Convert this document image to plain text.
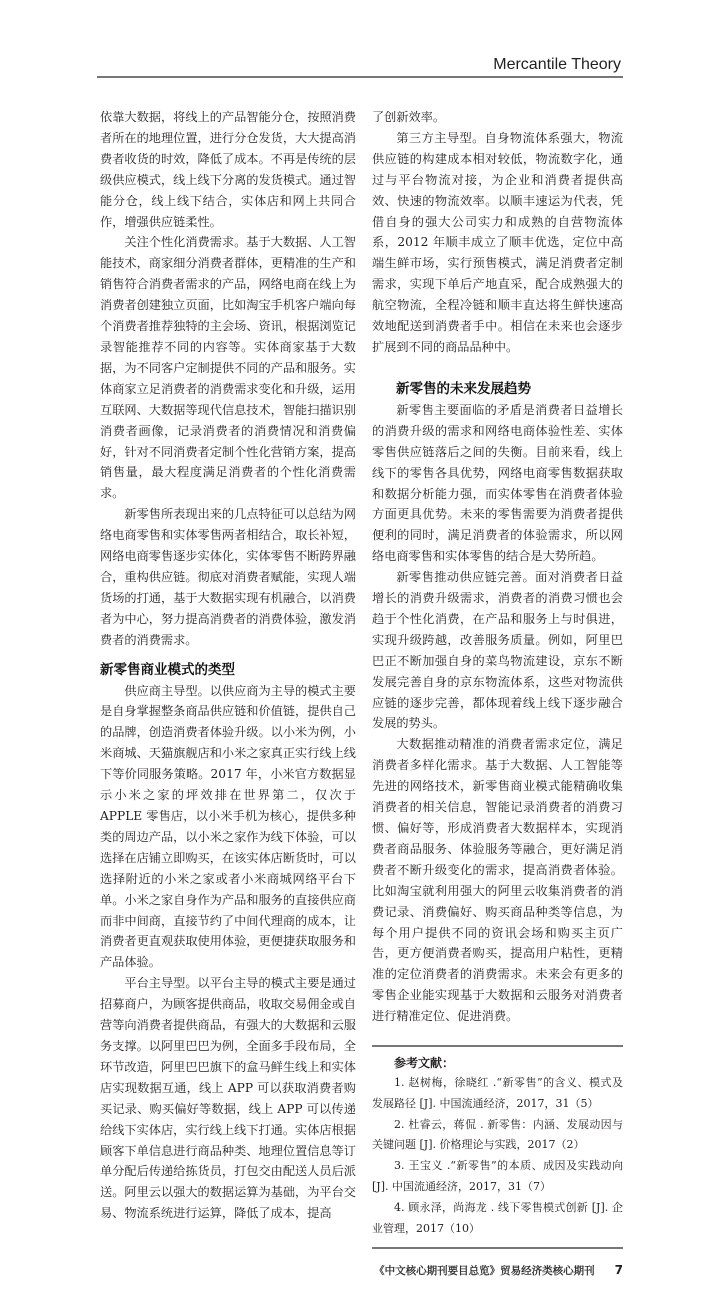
Mercantile Theory

依靠大数据，将线上的产品智能分仓，按照消费者所在的地理位置，进行分仓发货，大大提高消费者收货的时效，降低了成本。不再是传统的层级供应模式，线上线下分离的发货模式。通过智能分仓，线上线下结合，实体店和网上共同合作，增强供应链柔性。

关注个性化消费需求。基于大数据、人工智能技术，商家细分消费者群体，更精准的生产和销售符合消费者需求的产品，网络电商在线上为消费者创建独立页面，比如淘宝手机客户端向每个消费者推荐独特的主会场、资讯，根据浏览记录智能推荐不同的内容等。实体商家基于大数据，为不同客户定制提供不同的产品和服务。实体商家立足消费者的消费需求变化和升级，运用互联网、大数据等现代信息技术，智能扫描识别消费者画像，记录消费者的消费情况和消费偏好，针对不同消费者定制个性化营销方案，提高销售量，最大程度满足消费者的个性化消费需求。

新零售所表现出来的几点特征可以总结为网络电商零售和实体零售两者相结合，取长补短，网络电商零售逐步实体化，实体零售不断跨界融合，重构供应链。彻底对消费者赋能，实现人端货场的打通，基于大数据实现有机融合，以消费者为中心，努力提高消费者的消费体验，激发消费者的消费需求。

新零售商业模式的类型

供应商主导型。以供应商为主导的模式主要是自身掌握整条商品供应链和价值链，提供自己的品牌，创造消费者体验升级。以小米为例，小米商城、天猫旗舰店和小米之家真正实行线上线下等价同服务策略。2017 年，小米官方数据显示小米之家的坪效排在世界第二，仅次于 APPLE 零售店，以小米手机为核心，提供多种类的周边产品，以小米之家作为线下体验，可以选择在店铺立即购买，在该实体店断货时，可以选择附近的小米之家或者小米商城网络平台下单。小米之家自身作为产品和服务的直接供应商而非中间商，直接节约了中间代理商的成本，让消费者更直观获取使用体验，更便捷获取服务和产品体验。

平台主导型。以平台主导的模式主要是通过招募商户，为顾客提供商品，收取交易佣金或自营等向消费者提供商品，有强大的大数据和云服务支撑。以阿里巴巴为例，全面多手段布局，全环节改造，阿里巴巴旗下的盒马鲜生线上和实体店实现数据互通，线上 APP 可以获取消费者购买记录、购买偏好等数据，线上 APP 可以传递给线下实体店，实行线上线下打通。实体店根据顾客下单信息进行商品种类、地理位置信息等订单分配后传递给拣货员，打包交由配送人员后派送。阿里云以强大的数据运算为基础，为平台交易、物流系统进行运算，降低了成本，提高

了创新效率。

第三方主导型。自身物流体系强大，物流供应链的构建成本相对较低，物流数字化，通过与平台物流对接，为企业和消费者提供高效、快速的物流效率。以顺丰速运为代表，凭借自身的强大公司实力和成熟的自营物流体系，2012 年顺丰成立了顺丰优选，定位中高端生鲜市场，实行预售模式，满足消费者定制需求，实现下单后产地直采，配合成熟强大的航空物流，全程冷链和顺丰直达将生鲜快速高效地配送到消费者手中。相信在未来也会逐步扩展到不同的商品品种中。

新零售的未来发展趋势

新零售主要面临的矛盾是消费者日益增长的消费升级的需求和网络电商体验性差、实体零售供应链落后之间的失衡。目前来看，线上线下的零售各具优势，网络电商零售数据获取和数据分析能力强，而实体零售在消费者体验方面更具优势。未来的零售需要为消费者提供便利的同时，满足消费者的体验需求，所以网络电商零售和实体零售的结合是大势所趋。

新零售推动供应链完善。面对消费者日益增长的消费升级需求，消费者的消费习惯也会趋于个性化消费，在产品和服务上与时俱进，实现升级跨越，改善服务质量。例如，阿里巴巴正不断加强自身的菜鸟物流建设，京东不断发展完善自身的京东物流体系，这些对物流供应链的逐步完善，都体现着线上线下逐步融合发展的势头。

大数据推动精准的消费者需求定位，满足消费者多样化需求。基于大数据、人工智能等先进的网络技术，新零售商业模式能精确收集消费者的相关信息，智能记录消费者的消费习惯、偏好等，形成消费者大数据样本，实现消费者商品服务、体验服务等融合，更好满足消费者不断升级变化的需求，提高消费者体验。比如淘宝就利用强大的阿里云收集消费者的消费记录、消费偏好、购买商品种类等信息，为每个用户提供不同的资讯会场和购买主页广告，更方便消费者购买，提高用户粘性，更精准的定位消费者的消费需求。未来会有更多的零售企业能实现基于大数据和云服务对消费者进行精准定位、促进消费。

参考文献：
1. 赵树梅，徐晓红 .“新零售”的含义、模式及发展路径 [J]. 中国流通经济，2017，31（5）
2. 杜睿云，蒋侃 . 新零售：内涵、发展动因与关键问题 [J]. 价格理论与实践，2017（2）
3. 王宝义 .“新零售”的本质、成因及实践动向 [J]. 中国流通经济，2017，31（7）
4. 顾永泽，尚海龙 . 线下零售模式创新 [J]. 企业管理，2017（10）
《中文核心期刊要目总览》贸易经济类核心期刊 7
